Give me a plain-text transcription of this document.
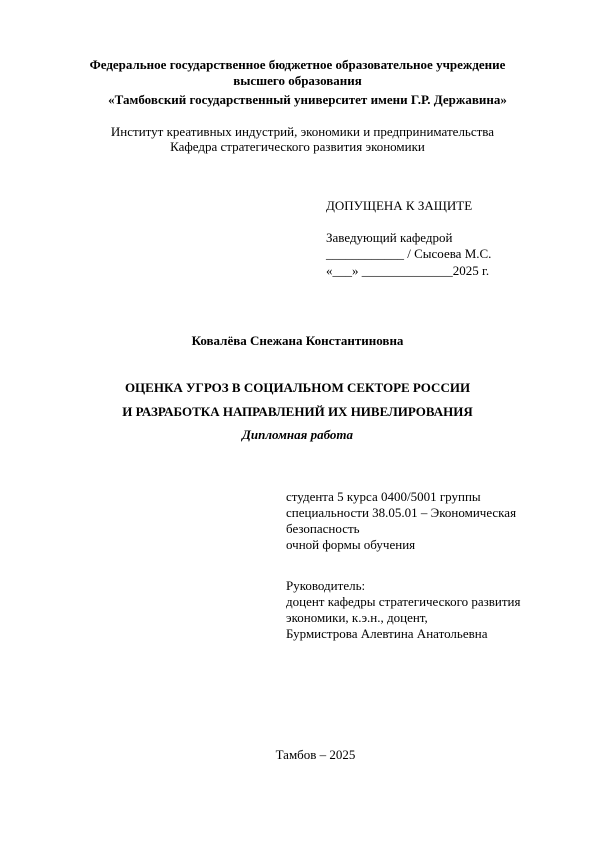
Федеральное государственное бюджетное образовательное учреждение
высшего образования
«Тамбовский государственный университет имени Г.Р. Державина»
Институт креативных индустрий, экономики и предпринимательства
Кафедра стратегического развития экономики
ДОПУЩЕНА К ЗАЩИТЕ
Заведующий кафедрой
____________ / Сысоева М.С.
«___» ______________2025 г.
Ковалёва Снежана Константиновна
ОЦЕНКА УГРОЗ В СОЦИАЛЬНОМ СЕКТОРЕ РОССИИ
И РАЗРАБОТКА НАПРАВЛЕНИЙ ИХ НИВЕЛИРОВАНИЯ
Дипломная работа
студента 5 курса 0400/5001 группы
специальности 38.05.01 – Экономическая
безопасность
очной формы обучения
Руководитель:
доцент кафедры стратегического развития
экономики, к.э.н., доцент,
Бурмистрова Алевтина Анатольевна
Тамбов – 2025
